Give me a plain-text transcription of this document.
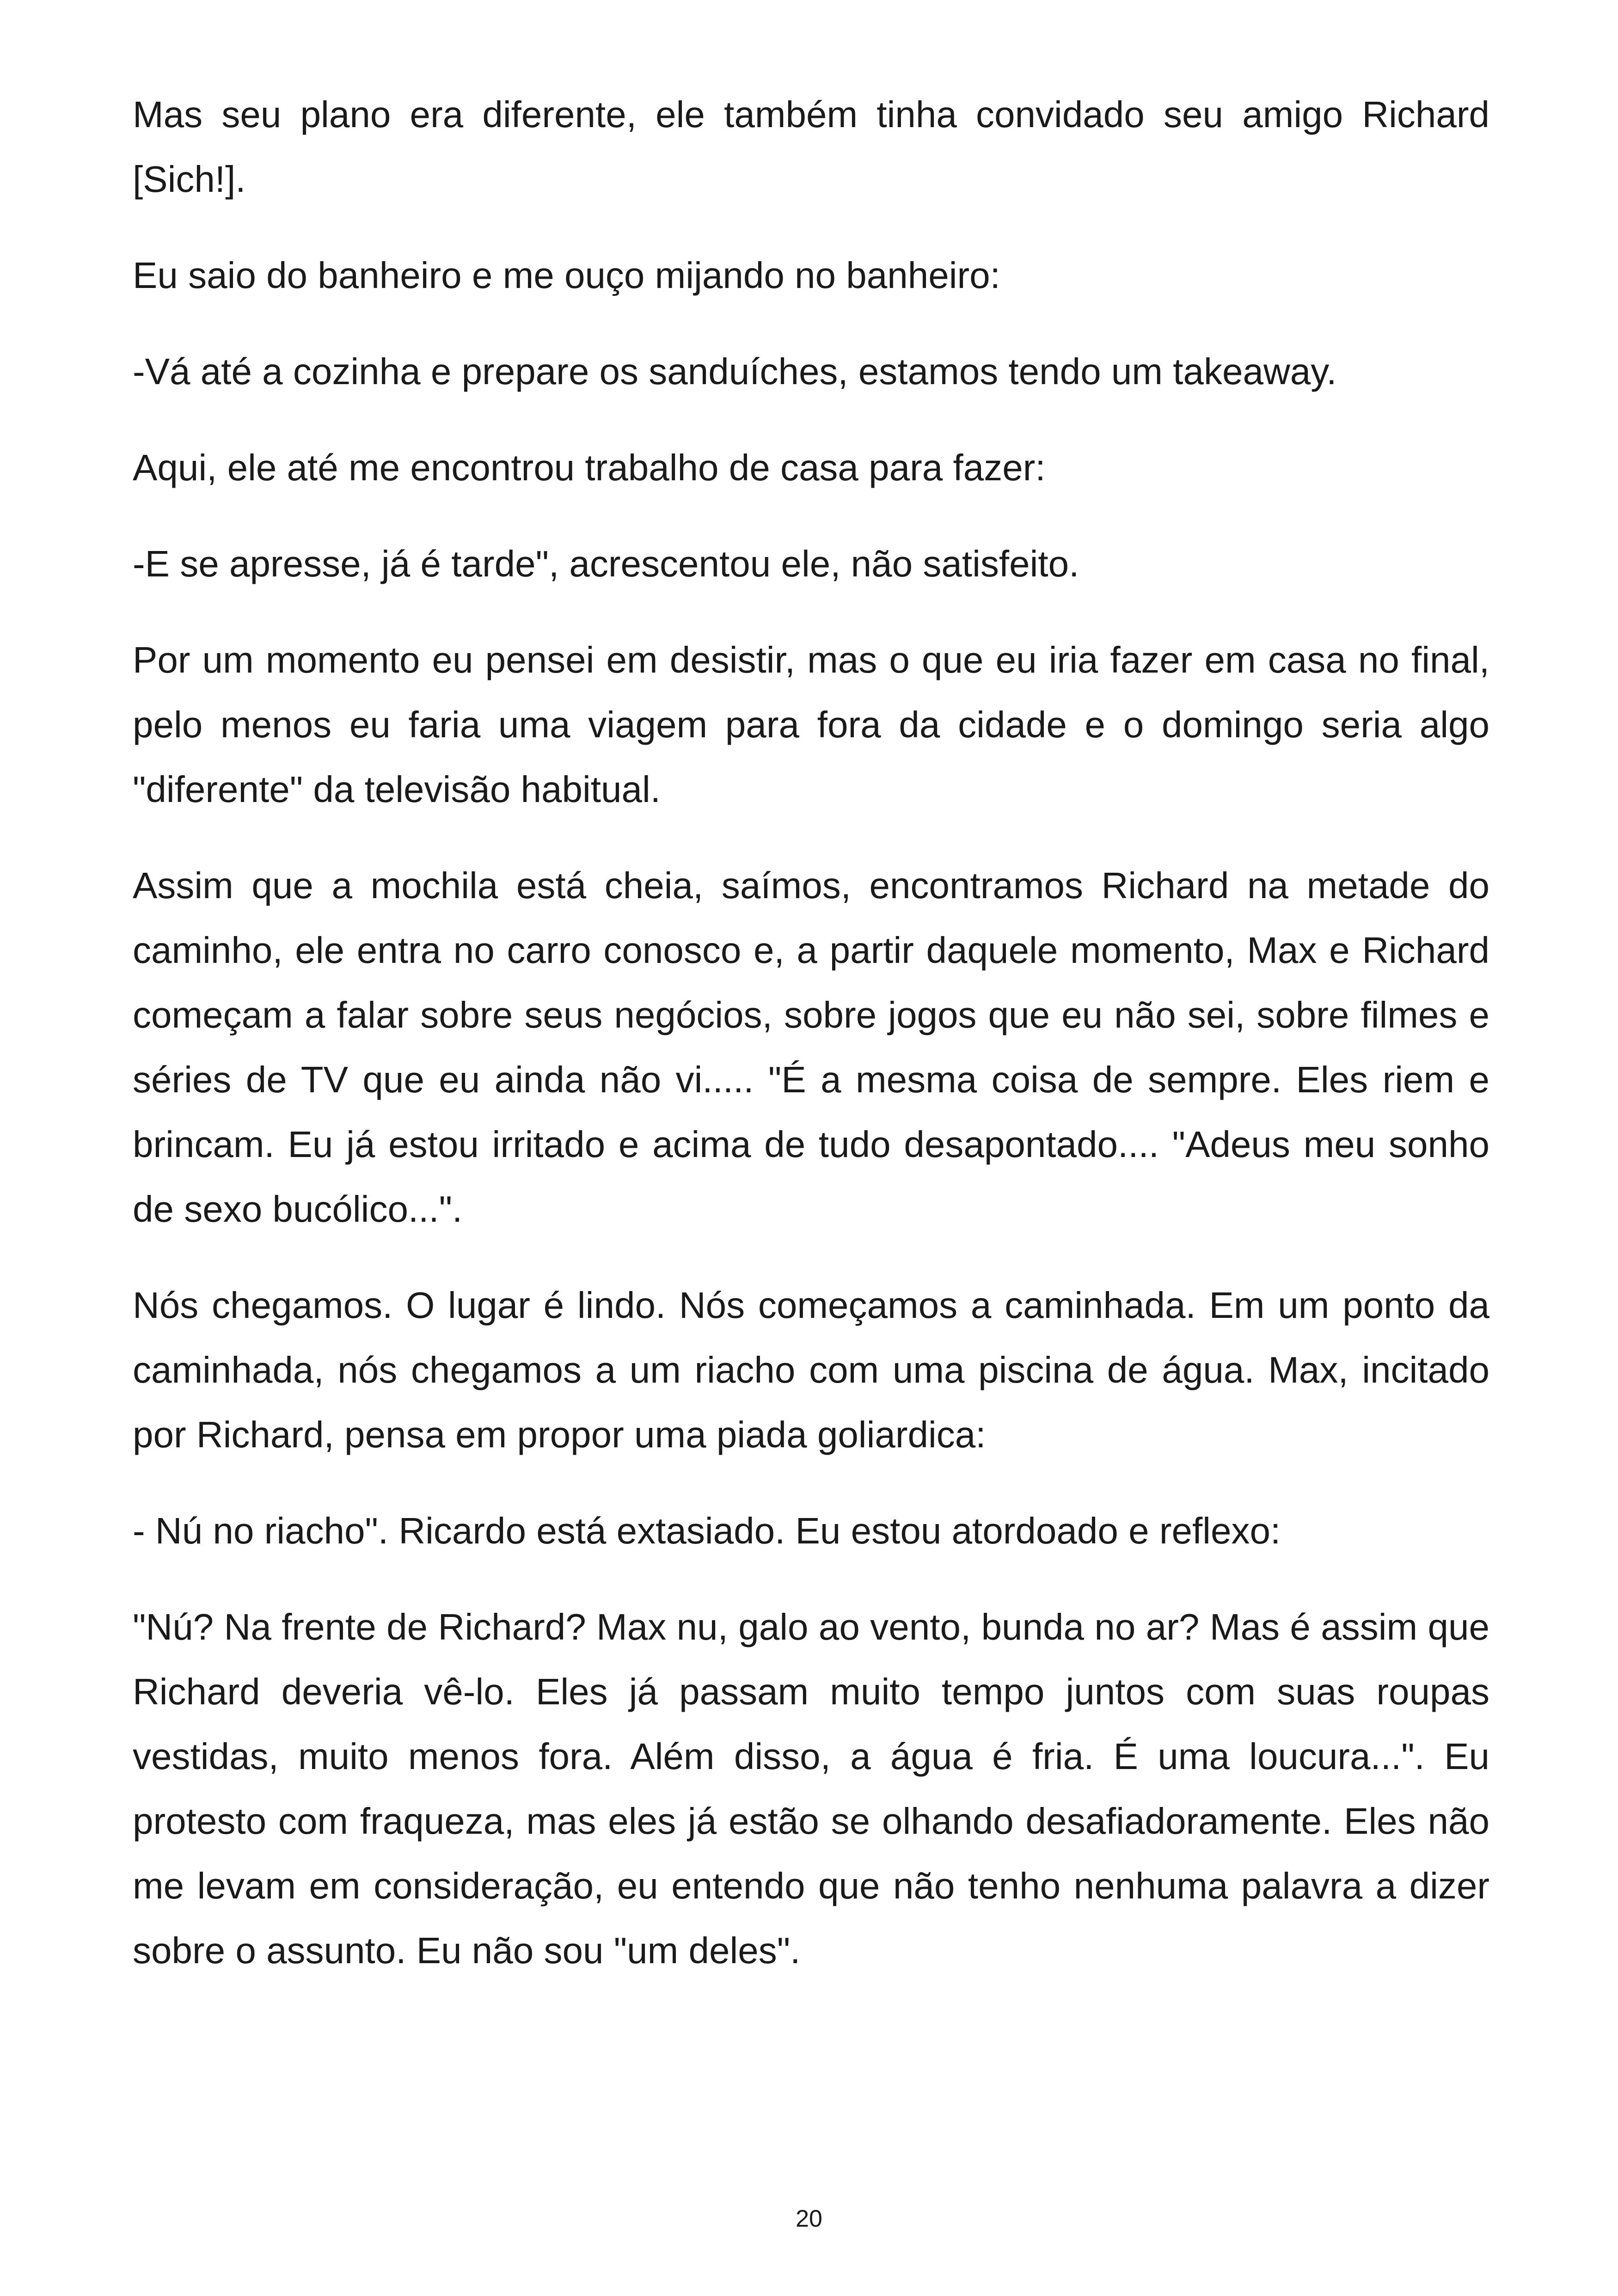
Mas seu plano era diferente, ele também tinha convidado seu amigo Richard [Sich!].

Eu saio do banheiro e me ouço mijando no banheiro:

-Vá até a cozinha e prepare os sanduíches, estamos tendo um takeaway.

Aqui, ele até me encontrou trabalho de casa para fazer:

-E se apresse, já é tarde", acrescentou ele, não satisfeito.

Por um momento eu pensei em desistir, mas o que eu iria fazer em casa no final, pelo menos eu faria uma viagem para fora da cidade e o domingo seria algo "diferente" da televisão habitual.

Assim que a mochila está cheia, saímos, encontramos Richard na metade do caminho, ele entra no carro conosco e, a partir daquele momento, Max e Richard começam a falar sobre seus negócios, sobre jogos que eu não sei, sobre filmes e séries de TV que eu ainda não vi..... "É a mesma coisa de sempre. Eles riem e brincam. Eu já estou irritado e acima de tudo desapontado.... "Adeus meu sonho de sexo bucólico...".

Nós chegamos. O lugar é lindo. Nós começamos a caminhada. Em um ponto da caminhada, nós chegamos a um riacho com uma piscina de água. Max, incitado por Richard, pensa em propor uma piada goliardica:

- Nú no riacho". Ricardo está extasiado. Eu estou atordoado e reflexo:

"Nú? Na frente de Richard? Max nu, galo ao vento, bunda no ar? Mas é assim que Richard deveria vê-lo. Eles já passam muito tempo juntos com suas roupas vestidas, muito menos fora. Além disso, a água é fria. É uma loucura...". Eu protesto com fraqueza, mas eles já estão se olhando desafiadoramente. Eles não me levam em consideração, eu entendo que não tenho nenhuma palavra a dizer sobre o assunto. Eu não sou "um deles".

20
